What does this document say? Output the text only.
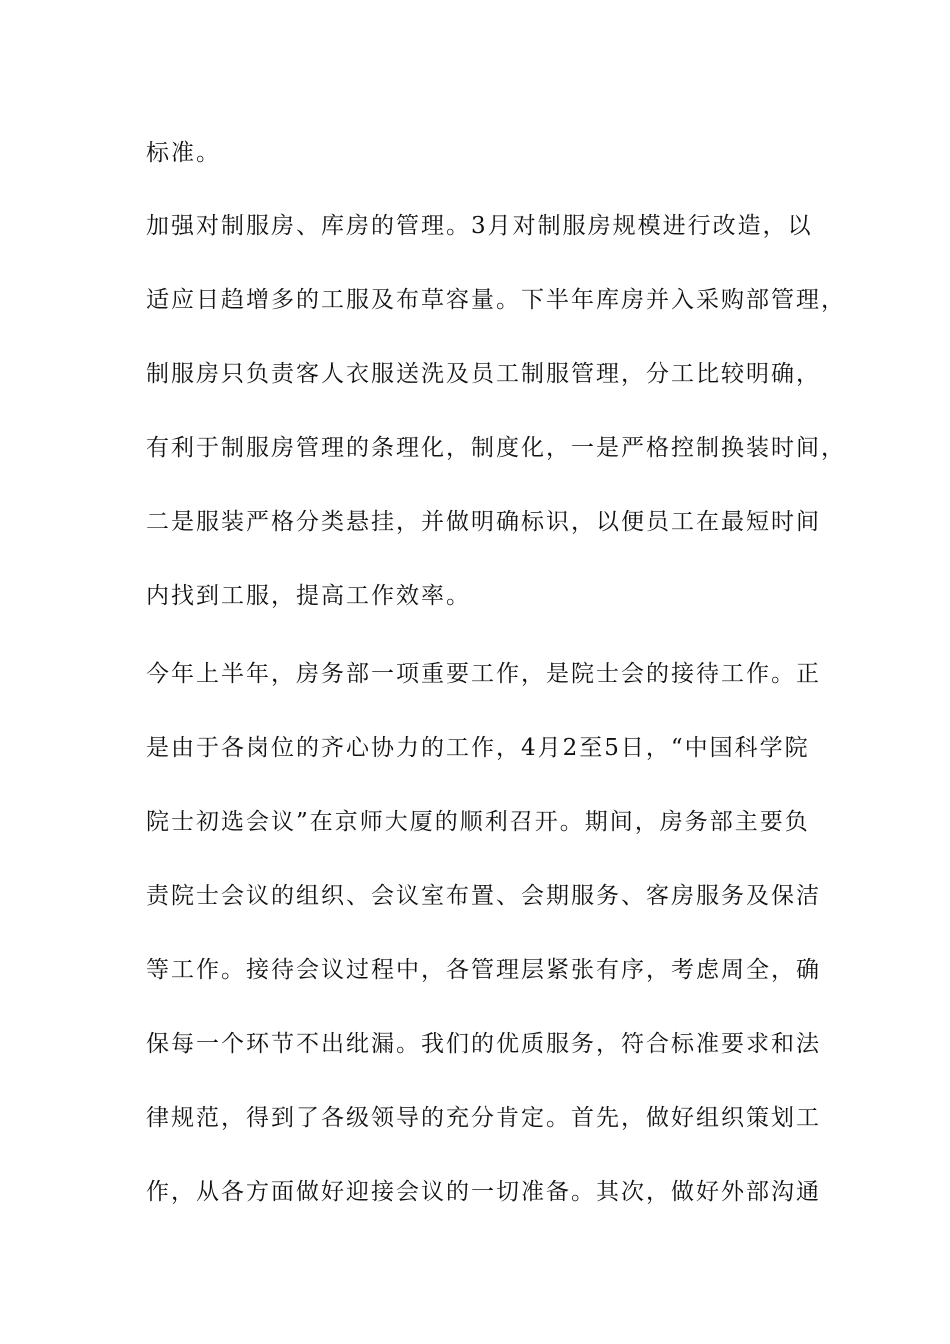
标准。
加强对制服房、库房的管理。3月对制服房规模进行改造，以
适应日趋增多的工服及布草容量。下半年库房并入采购部管理，
制服房只负责客人衣服送洗及员工制服管理，分工比较明确，
有利于制服房管理的条理化，制度化，一是严格控制换装时间，
二是服装严格分类悬挂，并做明确标识，以便员工在最短时间
内找到工服，提高工作效率。
今年上半年，房务部一项重要工作，是院士会的接待工作。正
是由于各岗位的齐心协力的工作，4月2至5日，“中国科学院
院士初选会议”在京师大厦的顺利召开。期间，房务部主要负
责院士会议的组织、会议室布置、会期服务、客房服务及保洁
等工作。接待会议过程中，各管理层紧张有序，考虑周全，确
保每一个环节不出纰漏。我们的优质服务，符合标准要求和法
律规范，得到了各级领导的充分肯定。首先，做好组织策划工
作，从各方面做好迎接会议的一切准备。其次，做好外部沟通
